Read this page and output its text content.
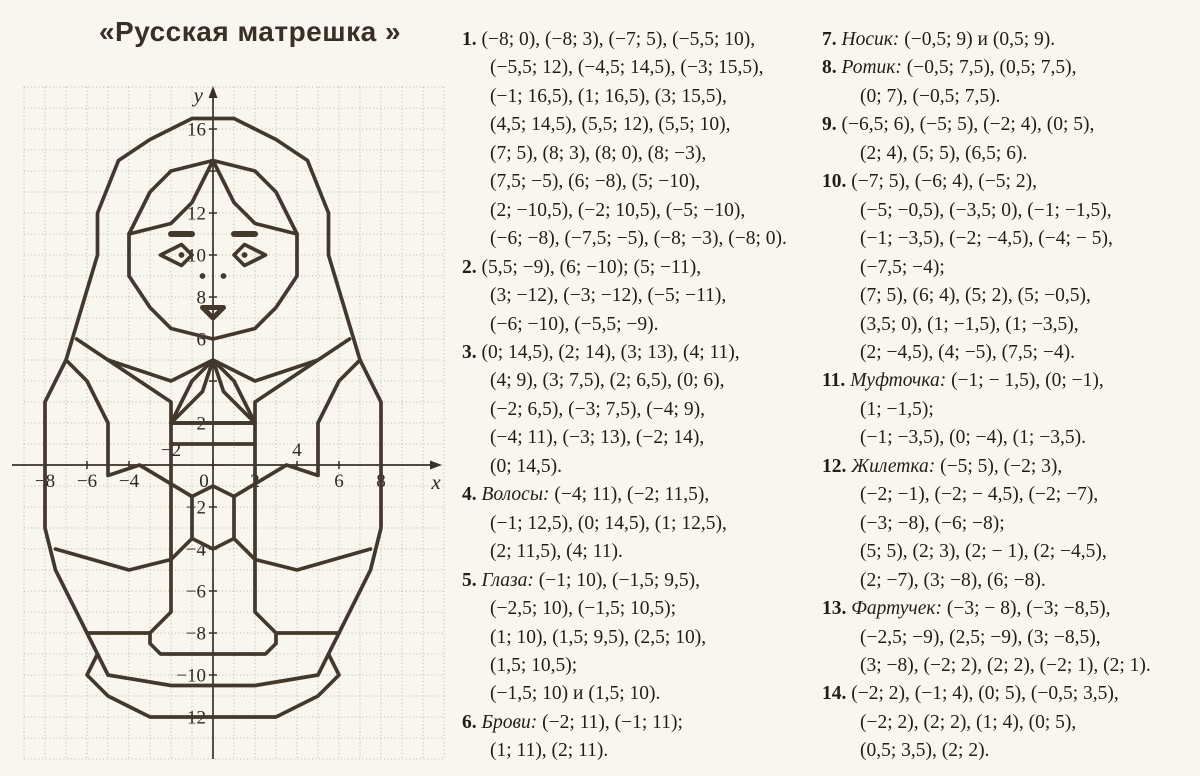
«Русская матрешка »
−8 −6 −4
−2
0 2
4
6 8
16
12
10
8
6
2
−2
−4
−6
−8
−10
−12
y
x
1. (−8; 0), (−8; 3), (−7; 5), (−5,5; 10),
(−5,5; 12), (−4,5; 14,5), (−3; 15,5),
(−1; 16,5), (1; 16,5), (3; 15,5),
(4,5; 14,5), (5,5; 12), (5,5; 10),
(7; 5), (8; 3), (8; 0), (8; −3),
(7,5; −5), (6; −8), (5; −10),
(2; −10,5), (−2; 10,5), (−5; −10),
(−6; −8), (−7,5; −5), (−8; −3), (−8; 0).
2. (5,5; −9), (6; −10); (5; −11),
(3; −12), (−3; −12), (−5; −11),
(−6; −10), (−5,5; −9).
3. (0; 14,5), (2; 14), (3; 13), (4; 11),
(4; 9), (3; 7,5), (2; 6,5), (0; 6),
(−2; 6,5), (−3; 7,5), (−4; 9),
(−4; 11), (−3; 13), (−2; 14),
(0; 14,5).
4. Волосы: (−4; 11), (−2; 11,5),
(−1; 12,5), (0; 14,5), (1; 12,5),
(2; 11,5), (4; 11).
5. Глаза: (−1; 10), (−1,5; 9,5),
(−2,5; 10), (−1,5; 10,5);
(1; 10), (1,5; 9,5), (2,5; 10),
(1,5; 10,5);
(−1,5; 10) и (1,5; 10).
6. Брови: (−2; 11), (−1; 11);
(1; 11), (2; 11).
7. Носик: (−0,5; 9) и (0,5; 9).
8. Ротик: (−0,5; 7,5), (0,5; 7,5),
(0; 7), (−0,5; 7,5).
9. (−6,5; 6), (−5; 5), (−2; 4), (0; 5),
(2; 4), (5; 5), (6,5; 6).
10. (−7; 5), (−6; 4), (−5; 2),
(−5; −0,5), (−3,5; 0), (−1; −1,5),
(−1; −3,5), (−2; −4,5), (−4; − 5),
(−7,5; −4);
(7; 5), (6; 4), (5; 2), (5; −0,5),
(3,5; 0), (1; −1,5), (1; −3,5),
(2; −4,5), (4; −5), (7,5; −4).
11. Муфточка: (−1; − 1,5), (0; −1),
(1; −1,5);
(−1; −3,5), (0; −4), (1; −3,5).
12. Жилетка: (−5; 5), (−2; 3),
(−2; −1), (−2; − 4,5), (−2; −7),
(−3; −8), (−6; −8);
(5; 5), (2; 3), (2; − 1), (2; −4,5),
(2; −7), (3; −8), (6; −8).
13. Фартучек: (−3; − 8), (−3; −8,5),
(−2,5; −9), (2,5; −9), (3; −8,5),
(3; −8), (−2; 2), (2; 2), (−2; 1), (2; 1).
14. (−2; 2), (−1; 4), (0; 5), (−0,5; 3,5),
(−2; 2), (2; 2), (1; 4), (0; 5),
(0,5; 3,5), (2; 2).
